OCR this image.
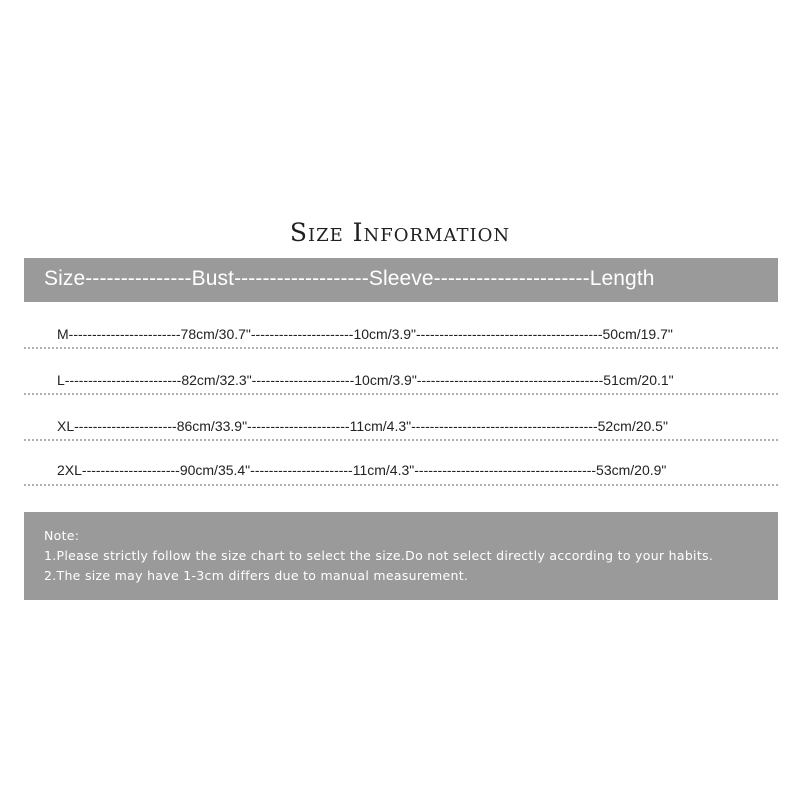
Size Information
Size---------------Bust-------------------Sleeve----------------------Length
M------------------------78cm/30.7"----------------------10cm/3.9"----------------------------------------50cm/19.7"
L-------------------------82cm/32.3"----------------------10cm/3.9"----------------------------------------51cm/20.1"
XL----------------------86cm/33.9"----------------------11cm/4.3"----------------------------------------52cm/20.5"
2XL---------------------90cm/35.4"----------------------11cm/4.3"---------------------------------------53cm/20.9"
Note:
1.Please strictly follow the size chart to select the size.Do not select directly according to your habits.
2.The size may have 1-3cm differs due to manual measurement.
